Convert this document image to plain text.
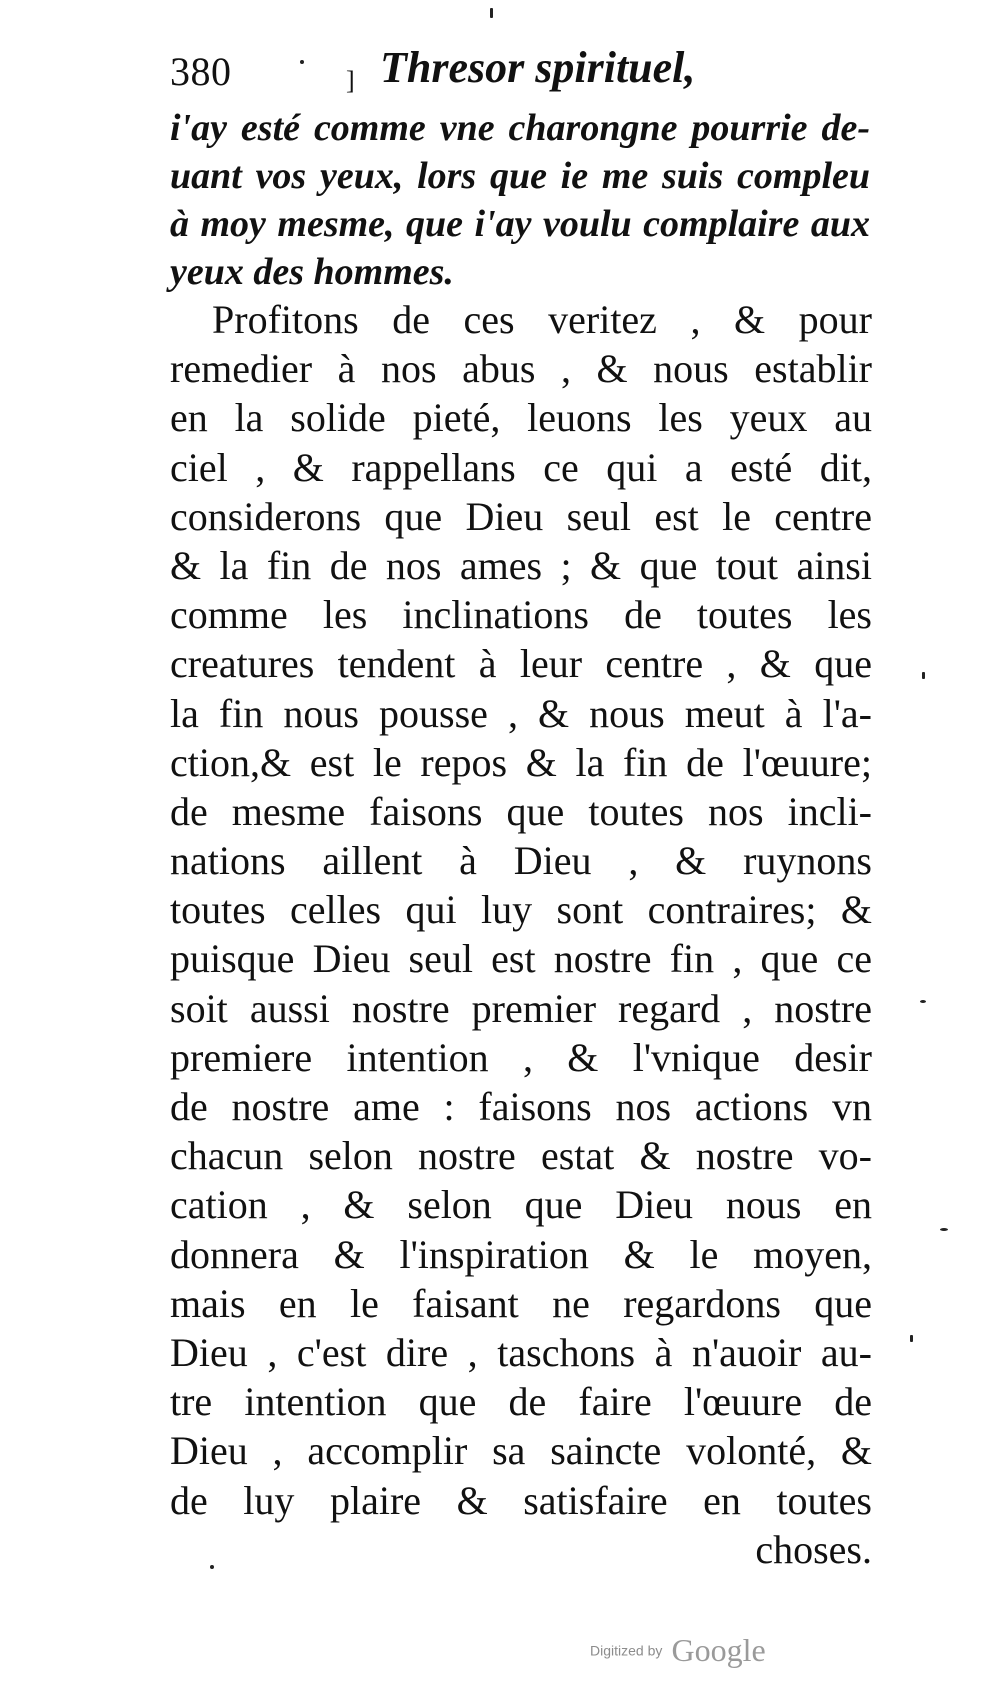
380	Thresor spirituel,
]
i'ay esté comme vne charongne pourrie de-
uant vos yeux, lors que ie me suis compleu
à moy mesme, que i'ay voulu complaire aux
yeux des hommes.
Profitons de ces veritez , & pour
remedier à nos abus , & nous establir
en la solide pieté, leuons les yeux au
ciel , & rappellans ce qui a esté dit,
considerons que Dieu seul est le centre
& la fin de nos ames ; & que tout ainsi
comme les inclinations de toutes les
creatures tendent à leur centre , & que
la fin nous pousse , & nous meut à l'a-
ction,& est le repos & la fin de l'œuure;
de mesme faisons que toutes nos incli-
nations aillent à Dieu , & ruynons
toutes celles qui luy sont contraires; &
puisque Dieu seul est nostre fin , que ce
soit aussi nostre premier regard , nostre
premiere intention , & l'vnique desir
de nostre ame : faisons nos actions vn
chacun selon nostre estat & nostre vo-
cation , & selon que Dieu nous en
donnera & l'inspiration & le moyen,
mais en le faisant ne regardons que
Dieu , c'est dire , taschons à n'auoir au-
tre intention que de faire l'œuure de
Dieu , accomplir sa saincte volonté, &
de luy plaire & satisfaire en toutes
choses.
Digitized by Google
